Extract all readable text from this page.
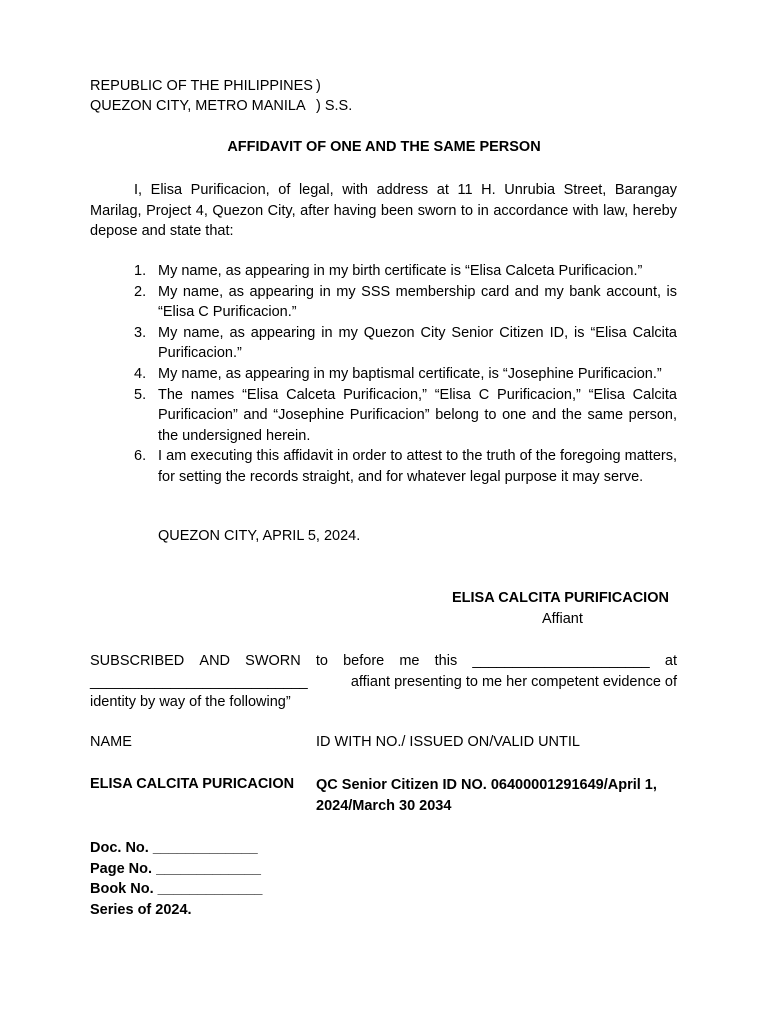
REPUBLIC OF THE PHILIPPINES )
QUEZON CITY, METRO MANILA ) S.S.
AFFIDAVIT OF ONE AND THE SAME PERSON
I, Elisa Purificacion, of legal, with address at 11 H. Unrubia Street, Barangay Marilag, Project 4, Quezon City, after having been sworn to in accordance with law, hereby depose and state that:
1. My name, as appearing in my birth certificate is “Elisa Calceta Purificacion.”
2. My name, as appearing in my SSS membership card and my bank account, is “Elisa C Purificacion.”
3. My name, as appearing in my Quezon City Senior Citizen ID, is “Elisa Calcita Purificacion.”
4. My name, as appearing in my baptismal certificate, is “Josephine Purificacion.”
5. The names “Elisa Calceta Purificacion,” “Elisa C Purificacion,” “Elisa Calcita Purificacion” and “Josephine Purificacion” belong to one and the same person, the undersigned herein.
6. I am executing this affidavit in order to attest to the truth of the foregoing matters, for setting the records straight, and for whatever legal purpose it may serve.
QUEZON CITY, APRIL 5, 2024.
ELISA CALCITA PURIFICACION
Affiant
SUBSCRIBED AND SWORN to before me this ______________________ at
___________________________	affiant presenting to me her competent evidence of
identity by way of the following”
NAME	ID WITH NO./ ISSUED ON/VALID UNTIL
ELISA CALCITA PURICACION QC Senior Citizen ID NO. 06400001291649/April 1,
2024/March 30 2034
Doc. No. _____________
Page No. _____________
Book No. _____________
Series of 2024.
